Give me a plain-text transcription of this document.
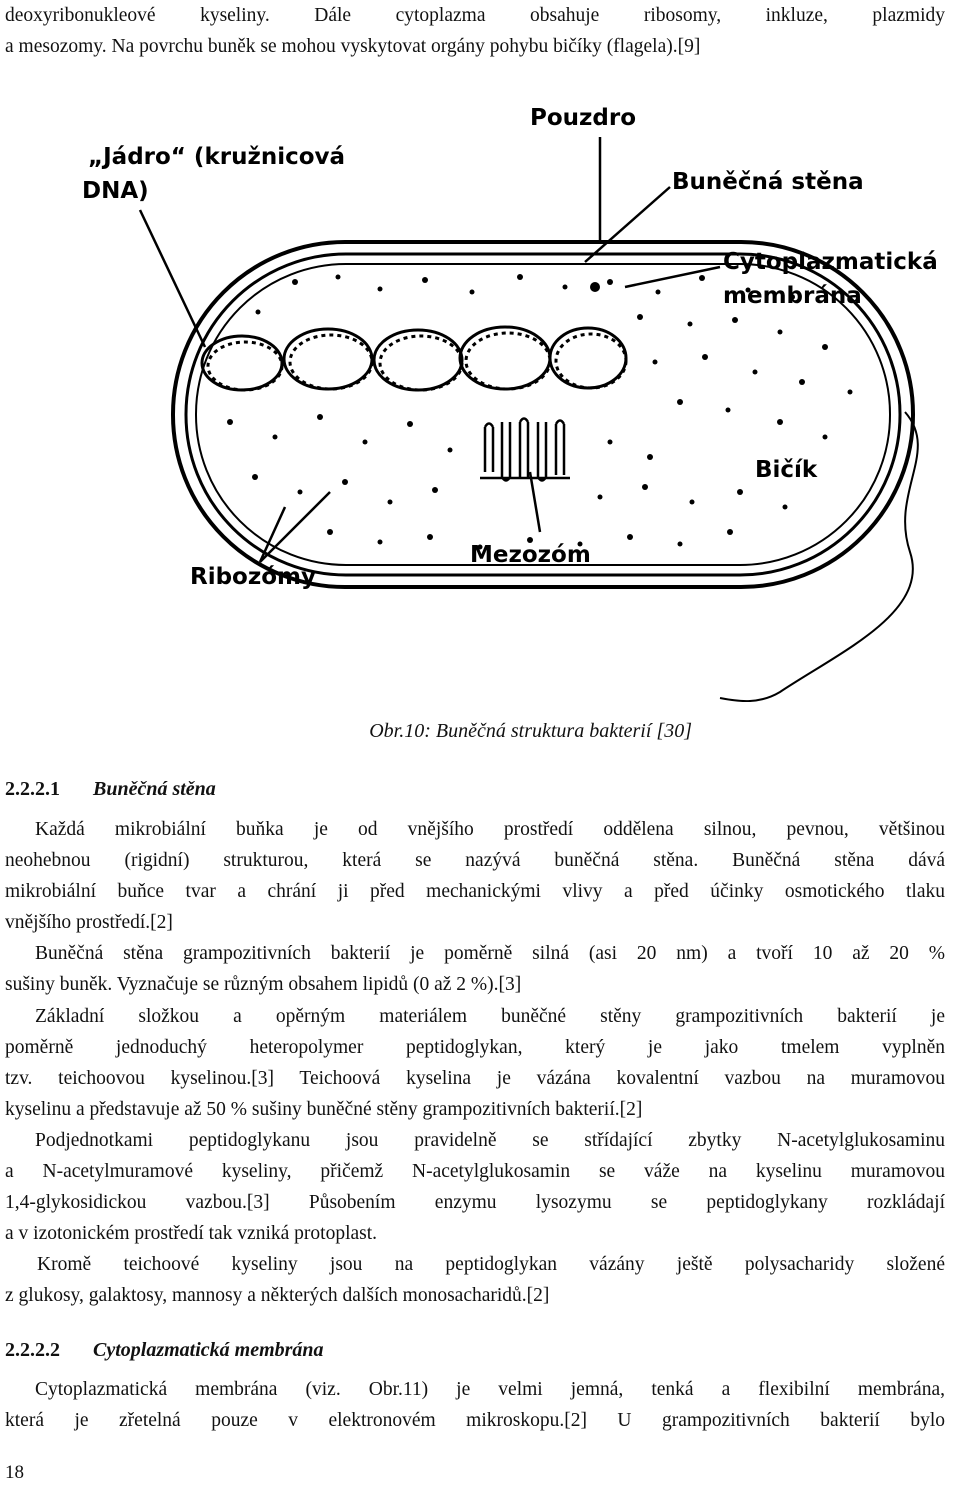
deoxyribonukleové kyseliny. Dále cytoplazma obsahuje ribosomy, inkluze, plazmidy
a mesozomy. Na povrchu buněk se mohou vyskytovat orgány pohybu bičíky (flagela).[9]
„Jádro“ (kružnicová
DNA)
Pouzdro
Buněčná stěna
Cytoplazmatická
membrána
Bičík
Mezozóm
Ribozómy
Obr.10: Buněčná struktura bakterií [30]
2.2.2.1 Buněčná stěna
Každá mikrobiální buňka je od vnějšího prostředí oddělena silnou, pevnou, většinou
neohebnou (rigidní) strukturou, která se nazývá buněčná stěna. Buněčná stěna dává
mikrobiální buňce tvar a chrání ji před mechanickými vlivy a před účinky osmotického tlaku
vnějšího prostředí.[2]
Buněčná stěna grampozitivních bakterií je poměrně silná (asi 20 nm) a tvoří 10 až 20 %
sušiny buněk. Vyznačuje se různým obsahem lipidů (0 až 2 %).[3]
Základní složkou a opěrným materiálem buněčné stěny grampozitivních bakterií je
poměrně jednoduchý heteropolymer peptidoglykan, který je jako tmelem vyplněn
tzv. teichoovou kyselinou.[3] Teichoová kyselina je vázána kovalentní vazbou na muramovou
kyselinu a představuje až 50 % sušiny buněčné stěny grampozitivních bakterií.[2]
Podjednotkami peptidoglykanu jsou pravidelně se střídající zbytky N-acetylglukosaminu
a N-acetylmuramové kyseliny, přičemž N-acetylglukosamin se váže na kyselinu muramovou
1,4-glykosidickou vazbou.[3] Působením enzymu lysozymu se peptidoglykany rozkládají
a v izotonickém prostředí tak vzniká protoplast.
Kromě teichoové kyseliny jsou na peptidoglykan vázány ještě polysacharidy složené
z glukosy, galaktosy, mannosy a některých dalších monosacharidů.[2]
2.2.2.2 Cytoplazmatická membrána
Cytoplazmatická membrána (viz. Obr.11) je velmi jemná, tenká a flexibilní membrána,
která je zřetelná pouze v elektronovém mikroskopu.[2] U grampozitivních bakterií bylo
18
